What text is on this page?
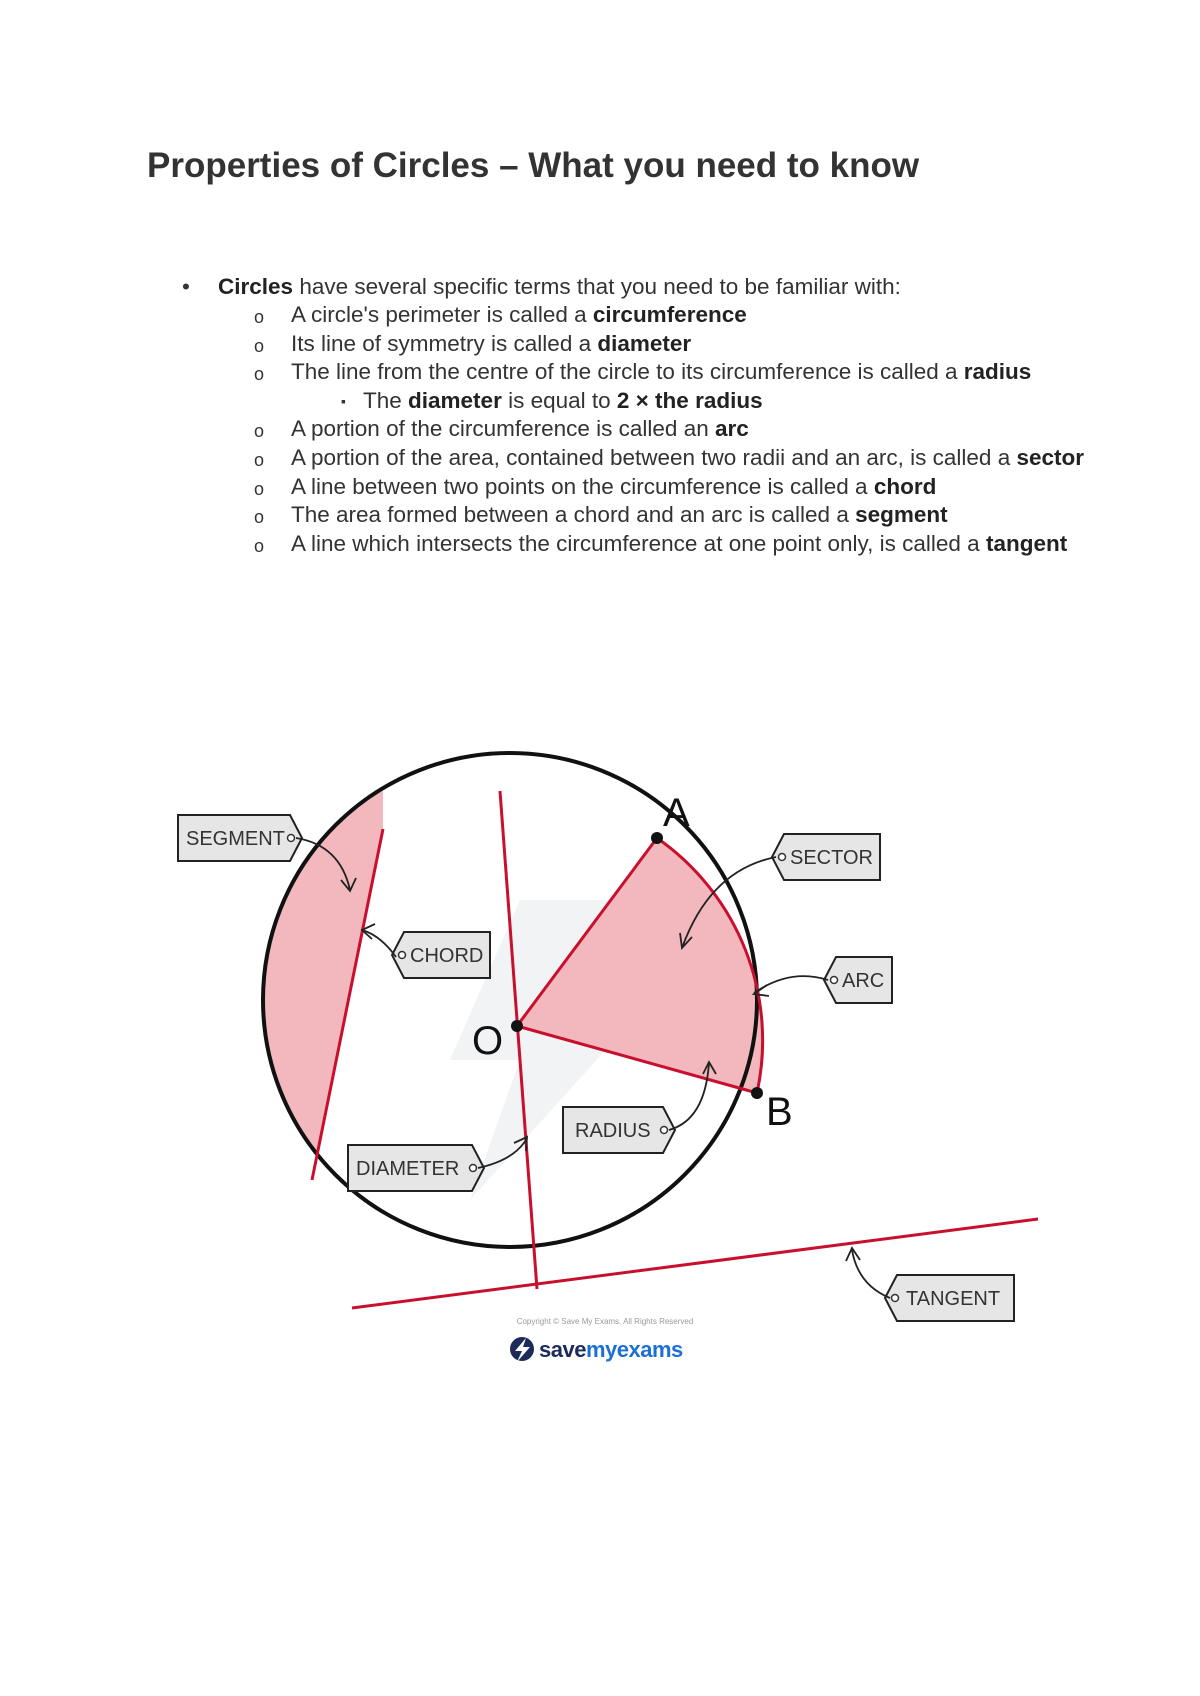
Properties of Circles – What you need to know
• Circles have several specific terms that you need to be familiar with:
o A circle's perimeter is called a circumference
o Its line of symmetry is called a diameter
o The line from the centre of the circle to its circumference is called a radius
▪ The diameter is equal to 2 × the radius
o A portion of the circumference is called an arc
o A portion of the area, contained between two radii and an arc, is called a sector
o A line between two points on the circumference is called a chord
o The area formed between a chord and an arc is called a segment
o A line which intersects the circumference at one point only, is called a tangent
A
B
O
SEGMENT
CHORD
SECTOR
ARC
RADIUS
DIAMETER
TANGENT
Copyright © Save My Exams. All Rights Reserved
savemyexams
